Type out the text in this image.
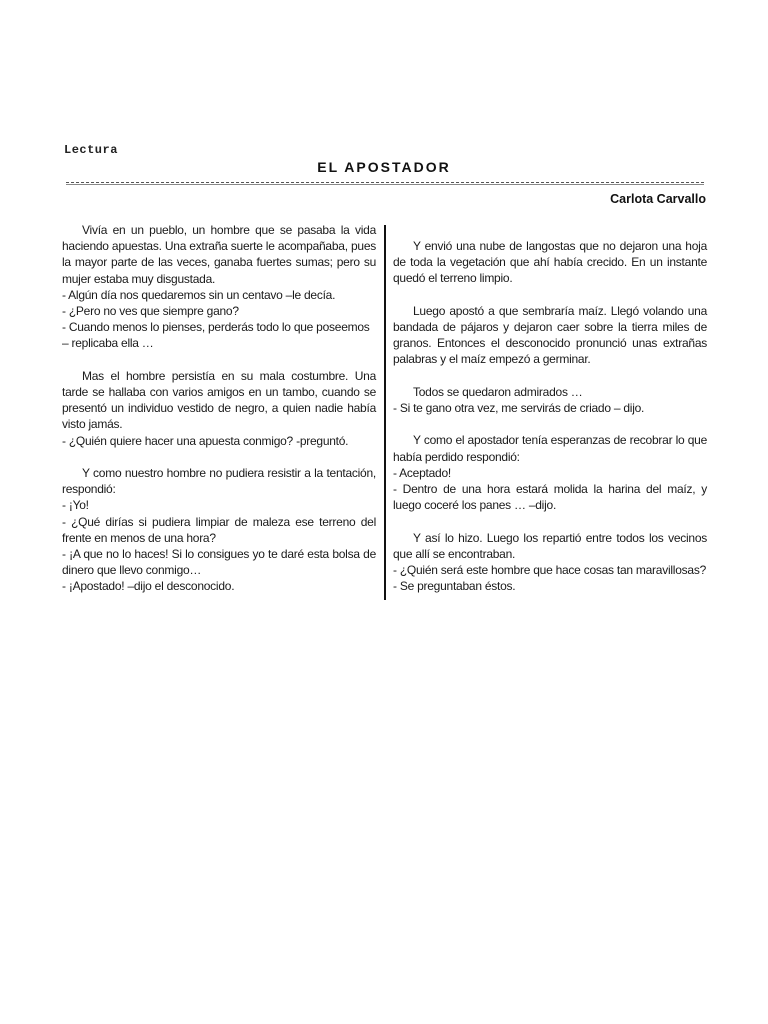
Lectura
EL APOSTADOR
Carlota Carvallo
Vivía en un pueblo, un hombre que se pasaba la vida haciendo apuestas. Una extraña suerte le acompañaba, pues la mayor parte de las veces, ganaba fuertes sumas; pero su mujer estaba muy disgustada.
- Algún día nos quedaremos sin un centavo –le decía.
- ¿Pero no ves que siempre gano?
- Cuando menos lo pienses, perderás todo lo que poseemos – replicaba ella …
Mas el hombre persistía en su mala costumbre. Una tarde se hallaba con varios amigos en un tambo, cuando se presentó un individuo vestido de negro, a quien nadie había visto jamás.
- ¿Quién quiere hacer una apuesta conmigo? -preguntó.
Y como nuestro hombre no pudiera resistir a la tentación, respondió:
- ¡Yo!
- ¿Qué dirías si pudiera limpiar de maleza ese terreno del frente en menos de una hora?
- ¡A que no lo haces! Si lo consigues yo te daré esta bolsa de dinero que llevo conmigo…
- ¡Apostado! –dijo el desconocido.
Y envió una nube de langostas que no dejaron una hoja de toda la vegetación que ahí había crecido. En un instante quedó el terreno limpio.
Luego apostó a que sembraría maíz. Llegó volando una bandada de pájaros y dejaron caer sobre la tierra miles de granos. Entonces el desconocido pronunció unas extrañas palabras y el maíz empezó a germinar.
Todos se quedaron admirados …
- Si te gano otra vez, me servirás de criado – dijo.
Y como el apostador tenía esperanzas de recobrar lo que había perdido respondió:
- Aceptado!
- Dentro de una hora estará molida la harina del maíz, y luego coceré los panes … –dijo.
Y así lo hizo. Luego los repartió entre todos los vecinos que allí se encontraban.
- ¿Quién será este hombre que hace cosas tan maravillosas?
- Se preguntaban éstos.
